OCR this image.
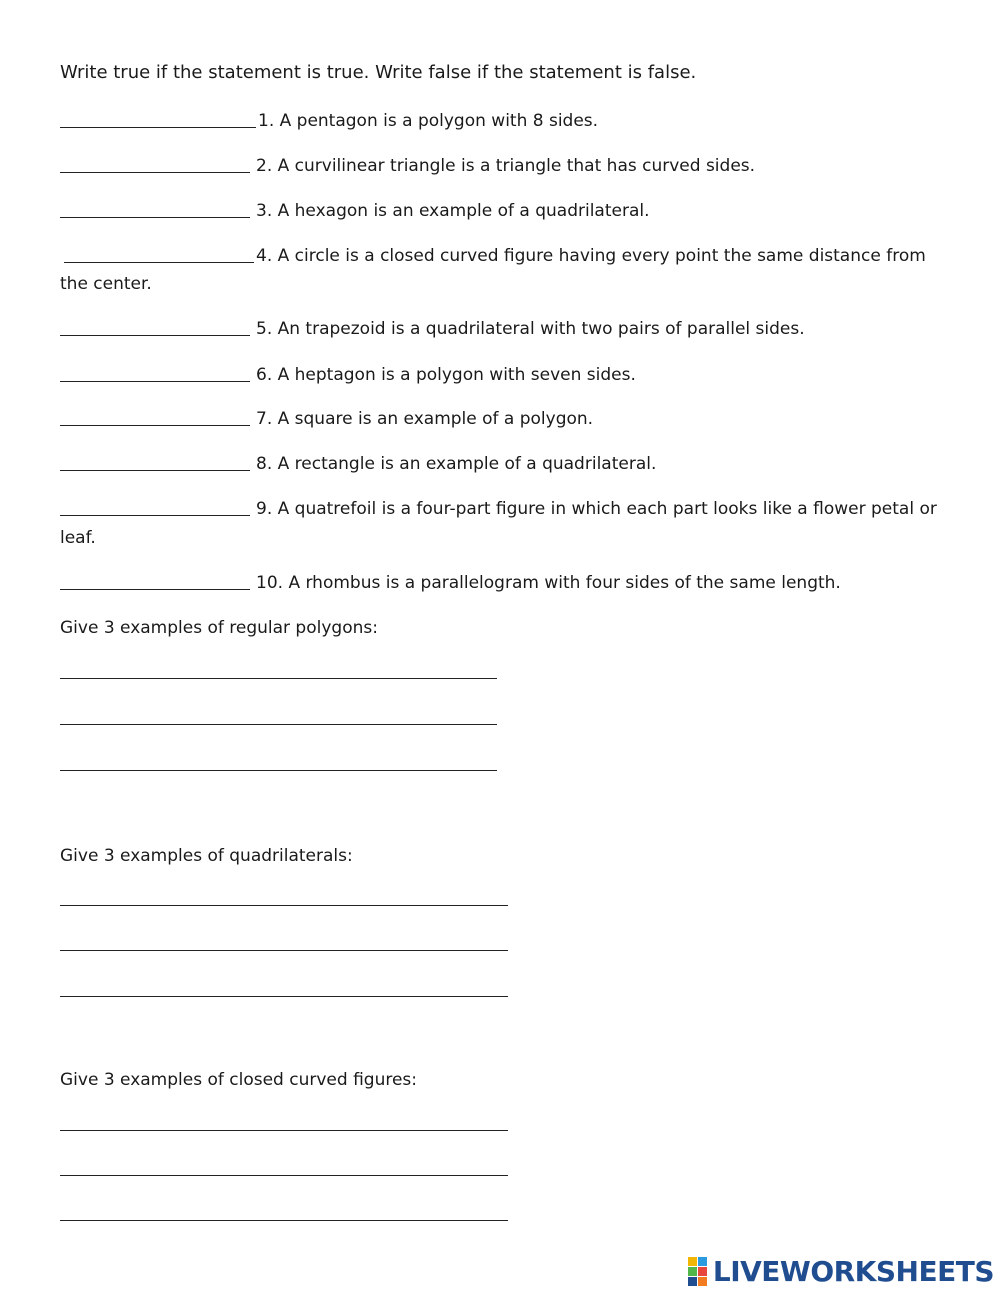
Write true if the statement is true. Write false if the statement is false.
1. A pentagon is a polygon with 8 sides.
2. A curvilinear triangle is a triangle that has curved sides.
3. A hexagon is an example of a quadrilateral.
4. A circle is a closed curved figure having every point the same distance from
the center.
5. An trapezoid is a quadrilateral with two pairs of parallel sides.
6. A heptagon is a polygon with seven sides.
7. A square is an example of a polygon.
8. A rectangle is an example of a quadrilateral.
9. A quatrefoil is a four-part figure in which each part looks like a flower petal or
leaf.
10. A rhombus is a parallelogram with four sides of the same length.
Give 3 examples of regular polygons:
Give 3 examples of quadrilaterals:
Give 3 examples of closed curved figures:
LIVEWORKSHEETS
